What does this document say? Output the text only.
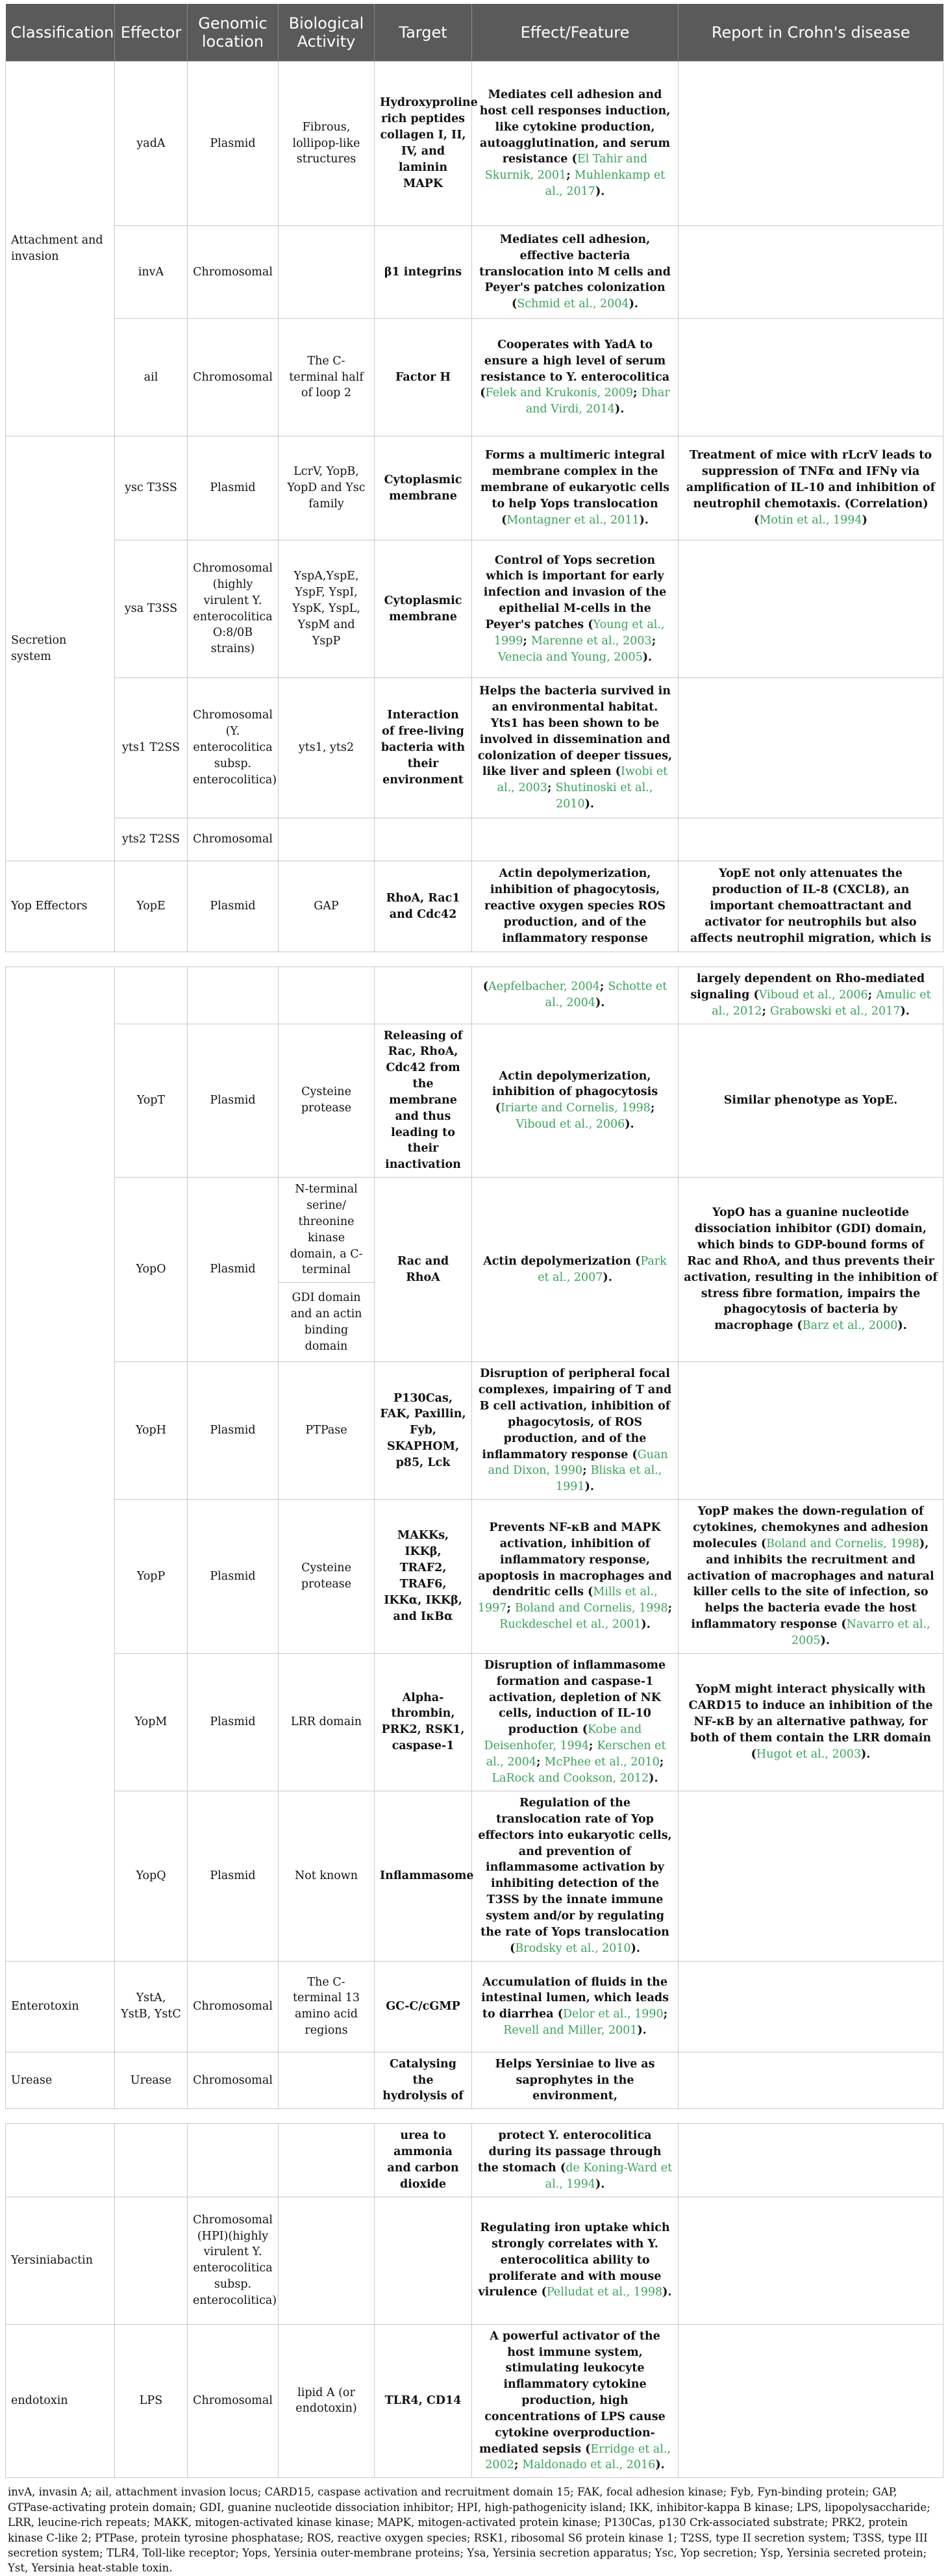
Classification	Effector	Genomic location	Biological Activity	Target	Effect/Feature	Report in Crohn's disease
Attachment and invasion	yadA	Plasmid	Fibrous, lollipop-like structures	Hydroxyproline rich peptides collagen I, II, IV, and laminin MAPK	Mediates cell adhesion and host cell responses induction, like cytokine production, autoagglutination, and serum resistance (El Tahir and Skurnik, 2001; Muhlenkamp et al., 2017).	
	invA	Chromosomal		β1 integrins	Mediates cell adhesion, effective bacteria translocation into M cells and Peyer's patches colonization (Schmid et al., 2004).	
	ail	Chromosomal	The C-terminal half of loop 2	Factor H	Cooperates with YadA to ensure a high level of serum resistance to Y. enterocolitica (Felek and Krukonis, 2009; Dhar and Virdi, 2014).	
Secretion system	ysc T3SS	Plasmid	LcrV, YopB, YopD and Ysc family	Cytoplasmic membrane	Forms a multimeric integral membrane complex in the membrane of eukaryotic cells to help Yops translocation (Montagner et al., 2011).	Treatment of mice with rLcrV leads to suppression of TNFα and IFNγ via amplification of IL-10 and inhibition of neutrophil chemotaxis. (Correlation) (Motin et al., 1994)
	ysa T3SS	Chromosomal (highly virulent Y. enterocolitica O:8/0B strains)	YspA,YspE, YspF, YspI, YspK, YspL, YspM and YspP	Cytoplasmic membrane	Control of Yops secretion which is important for early infection and invasion of the epithelial M-cells in the Peyer's patches (Young et al., 1999; Marenne et al., 2003; Venecia and Young, 2005).	
	yts1 T2SS	Chromosomal (Y. enterocolitica subsp. enterocolitica)	yts1, yts2	Interaction of free-living bacteria with their environment	Helps the bacteria survived in an environmental habitat. Yts1 has been shown to be involved in dissemination and colonization of deeper tissues, like liver and spleen (Iwobi et al., 2003; Shutinoski et al., 2010).	
	yts2 T2SS	Chromosomal				
Yop Effectors	YopE	Plasmid	GAP	RhoA, Rac1 and Cdc42	Actin depolymerization, inhibition of phagocytosis, reactive oxygen species ROS production, and of the inflammatory response	YopE not only attenuates the production of IL-8 (CXCL8), an important chemoattractant and activator for neutrophils but also affects neutrophil migration, which is

					(Aepfelbacher, 2004; Schotte et al., 2004).	largely dependent on Rho-mediated signaling (Viboud et al., 2006; Amulic et al., 2012; Grabowski et al., 2017).
	YopT	Plasmid	Cysteine protease	Releasing of Rac, RhoA, Cdc42 from the membrane and thus leading to their inactivation	Actin depolymerization, inhibition of phagocytosis (Iriarte and Cornelis, 1998; Viboud et al., 2006).	Similar phenotype as YopE.
	YopO	Plasmid	N-terminal serine/ threonine kinase domain, a C-terminal	Rac and RhoA	Actin depolymerization (Park et al., 2007).	YopO has a guanine nucleotide dissociation inhibitor (GDI) domain, which binds to GDP-bound forms of Rac and RhoA, and thus prevents their activation, resulting in the inhibition of stress fibre formation, impairs the phagocytosis of bacteria by macrophage (Barz et al., 2000).
			GDI domain and an actin binding domain			
	YopH	Plasmid	PTPase	P130Cas, FAK, Paxillin, Fyb, SKAPHOM, p85, Lck	Disruption of peripheral focal complexes, impairing of T and B cell activation, inhibition of phagocytosis, of ROS production, and of the inflammatory response (Guan and Dixon, 1990; Bliska et al., 1991).	
	YopP	Plasmid	Cysteine protease	MAKKs, IKKβ, TRAF2, TRAF6, IKKα, IKKβ, and IκBα	Prevents NF-κB and MAPK activation, inhibition of inflammatory response, apoptosis in macrophages and dendritic cells (Mills et al., 1997; Boland and Cornelis, 1998; Ruckdeschel et al., 2001).	YopP makes the down-regulation of cytokines, chemokynes and adhesion molecules (Boland and Cornelis, 1998), and inhibits the recruitment and activation of macrophages and natural killer cells to the site of infection, so helps the bacteria evade the host inflammatory response (Navarro et al., 2005).
	YopM	Plasmid	LRR domain	Alpha-thrombin, PRK2, RSK1, caspase-1	Disruption of inflammasome formation and caspase-1 activation, depletion of NK cells, induction of IL-10 production (Kobe and Deisenhofer, 1994; Kerschen et al., 2004; McPhee et al., 2010; LaRock and Cookson, 2012).	YopM might interact physically with CARD15 to induce an inhibition of the NF-κB by an alternative pathway, for both of them contain the LRR domain (Hugot et al., 2003).
	YopQ	Plasmid	Not known	Inflammasome	Regulation of the translocation rate of Yop effectors into eukaryotic cells, and prevention of inflammasome activation by inhibiting detection of the T3SS by the innate immune system and/or by regulating the rate of Yops translocation (Brodsky et al., 2010).	
Enterotoxin	YstA, YstB, YstC	Chromosomal	The C-terminal 13 amino acid regions	GC-C/cGMP	Accumulation of fluids in the intestinal lumen, which leads to diarrhea (Delor et al., 1990; Revell and Miller, 2001).	
Urease	Urease	Chromosomal		Catalysing the hydrolysis of	Helps Yersiniae to live as saprophytes in the environment,	

				urea to ammonia and carbon dioxide	protect Y. enterocolitica during its passage through the stomach (de Koning-Ward et al., 1994).	
Yersiniabactin		Chromosomal (HPI)(highly virulent Y. enterocolitica subsp. enterocolitica)			Regulating iron uptake which strongly correlates with Y. enterocolitica ability to proliferate and with mouse virulence (Pelludat et al., 1998).	
endotoxin	LPS	Chromosomal	lipid A (or endotoxin)	TLR4, CD14	A powerful activator of the host immune system, stimulating leukocyte inflammatory cytokine production, high concentrations of LPS cause cytokine overproduction-mediated sepsis (Erridge et al., 2002; Maldonado et al., 2016).	
invA, invasin A; ail, attachment invasion locus; CARD15, caspase activation and recruitment domain 15; FAK, focal adhesion kinase; Fyb, Fyn-binding protein; GAP, GTPase-activating protein domain; GDI, guanine nucleotide dissociation inhibitor; HPI, high-pathogenicity island; IKK, inhibitor-kappa B kinase; LPS, lipopolysaccharide; LRR, leucine-rich repeats; MAKK, mitogen-activated kinase kinase; MAPK, mitogen-activated protein kinase; P130Cas, p130 Crk-associated substrate; PRK2, protein kinase C-like 2; PTPase, protein tyrosine phosphatase; ROS, reactive oxygen species; RSK1, ribosomal S6 protein kinase 1; T2SS, type II secretion system; T3SS, type III secretion system; TLR4, Toll-like receptor; Yops, Yersinia outer-membrane proteins; Ysa, Yersinia secretion apparatus; Ysc, Yop secretion; Ysp, Yersinia secreted protein; Yst, Yersinia heat-stable toxin.
